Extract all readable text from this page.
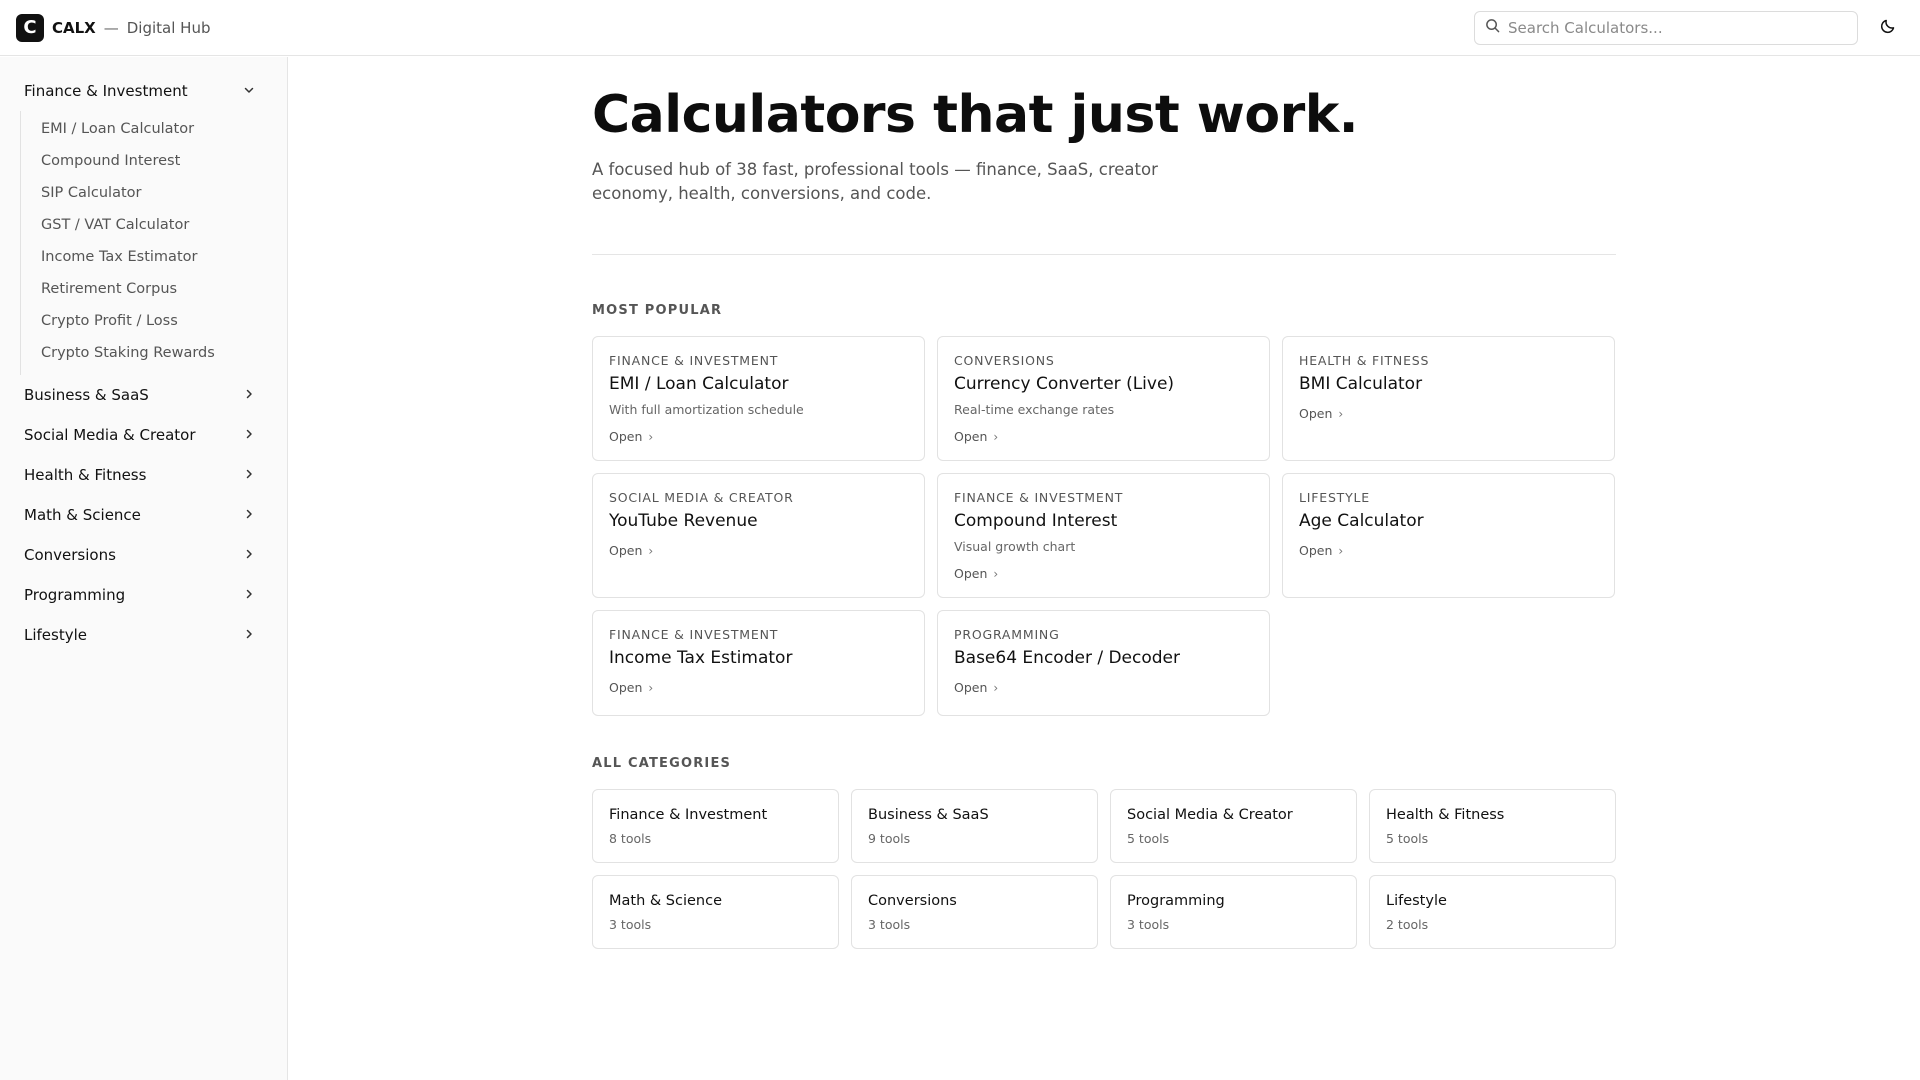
C	CALX — Digital Hub
Search Calculators...
Finance & Investment
EMI / Loan Calculator
Compound Interest
SIP Calculator
GST / VAT Calculator
Income Tax Estimator
Retirement Corpus
Crypto Profit / Loss
Crypto Staking Rewards
Business & SaaS
Social Media & Creator
Health & Fitness
Math & Science
Conversions
Programming
Lifestyle
Calculators that just work.

A focused hub of 38 fast, professional tools — finance, SaaS, creator economy, health, conversions, and code.

MOST POPULAR
FINANCE & INVESTMENT
EMI / Loan Calculator
With full amortization schedule
Open ›
CONVERSIONS
Currency Converter (Live)
Real-time exchange rates
Open ›
HEALTH & FITNESS
BMI Calculator
Open ›
SOCIAL MEDIA & CREATOR
YouTube Revenue
Open ›
FINANCE & INVESTMENT
Compound Interest
Visual growth chart
Open ›
LIFESTYLE
Age Calculator
Open ›
FINANCE & INVESTMENT
Income Tax Estimator
Open ›
PROGRAMMING
Base64 Encoder / Decoder
Open ›
ALL CATEGORIES
Finance & Investment
8 tools
Business & SaaS
9 tools
Social Media & Creator
5 tools
Health & Fitness
5 tools
Math & Science
3 tools
Conversions
3 tools
Programming
3 tools
Lifestyle
2 tools
